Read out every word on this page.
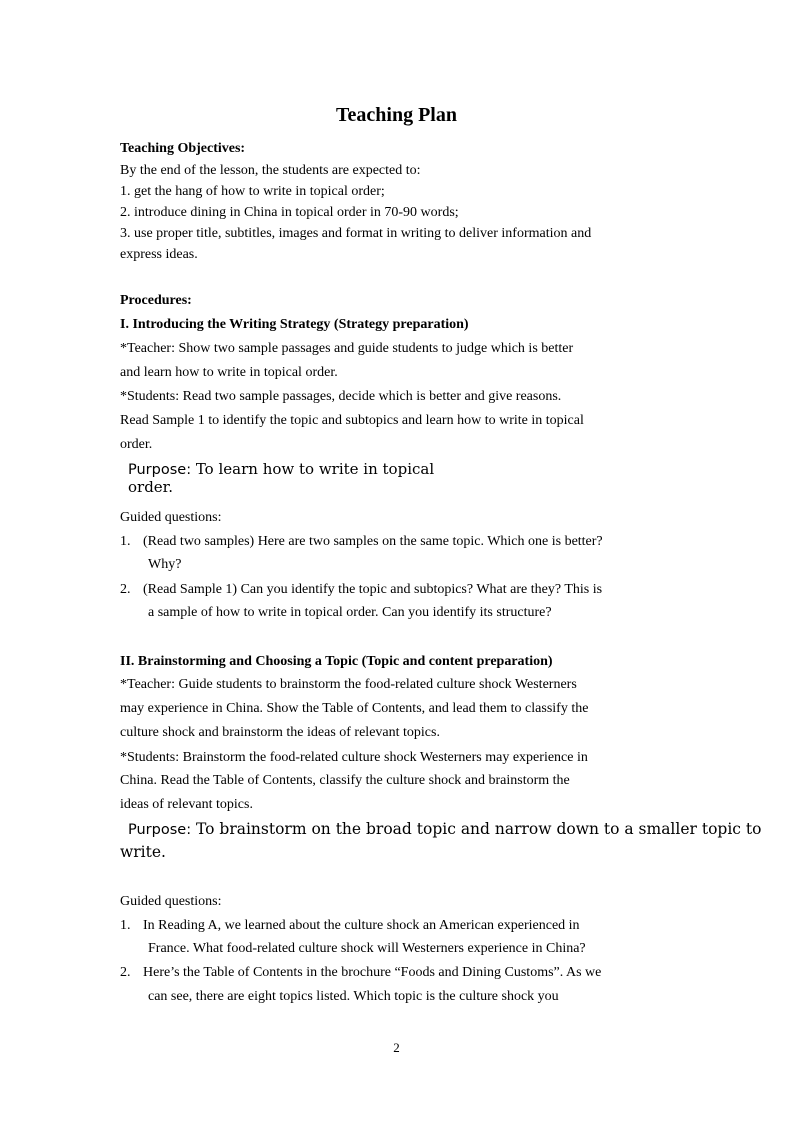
Teaching Plan
Teaching Objectives:
By the end of the lesson, the students are expected to:
1. get the hang of how to write in topical order;
2. introduce dining in China in topical order in 70-90 words;
3. use proper title, subtitles, images and format in writing to deliver information and
express ideas.
Procedures:
I. Introducing the Writing Strategy (Strategy preparation)
*Teacher: Show two sample passages and guide students to judge which is better
and learn how to write in topical order.
*Students: Read two sample passages, decide which is better and give reasons.
Read Sample 1 to identify the topic and subtopics and learn how to write in topical
order.
Purpose: To learn how to write in topical
order.
Guided questions:
1. (Read two samples) Here are two samples on the same topic. Which one is better?
Why?
2. (Read Sample 1) Can you identify the topic and subtopics? What are they? This is
a sample of how to write in topical order. Can you identify its structure?
II. Brainstorming and Choosing a Topic (Topic and content preparation)
*Teacher: Guide students to brainstorm the food-related culture shock Westerners
may experience in China. Show the Table of Contents, and lead them to classify the
culture shock and brainstorm the ideas of relevant topics.
*Students: Brainstorm the food-related culture shock Westerners may experience in
China. Read the Table of Contents, classify the culture shock and brainstorm the
ideas of relevant topics.
Purpose: To brainstorm on the broad topic and narrow down to a smaller topic to
write.
Guided questions:
1. In Reading A, we learned about the culture shock an American experienced in
France. What food-related culture shock will Westerners experience in China?
2. Here’s the Table of Contents in the brochure “Foods and Dining Customs”. As we
can see, there are eight topics listed. Which topic is the culture shock you
2
